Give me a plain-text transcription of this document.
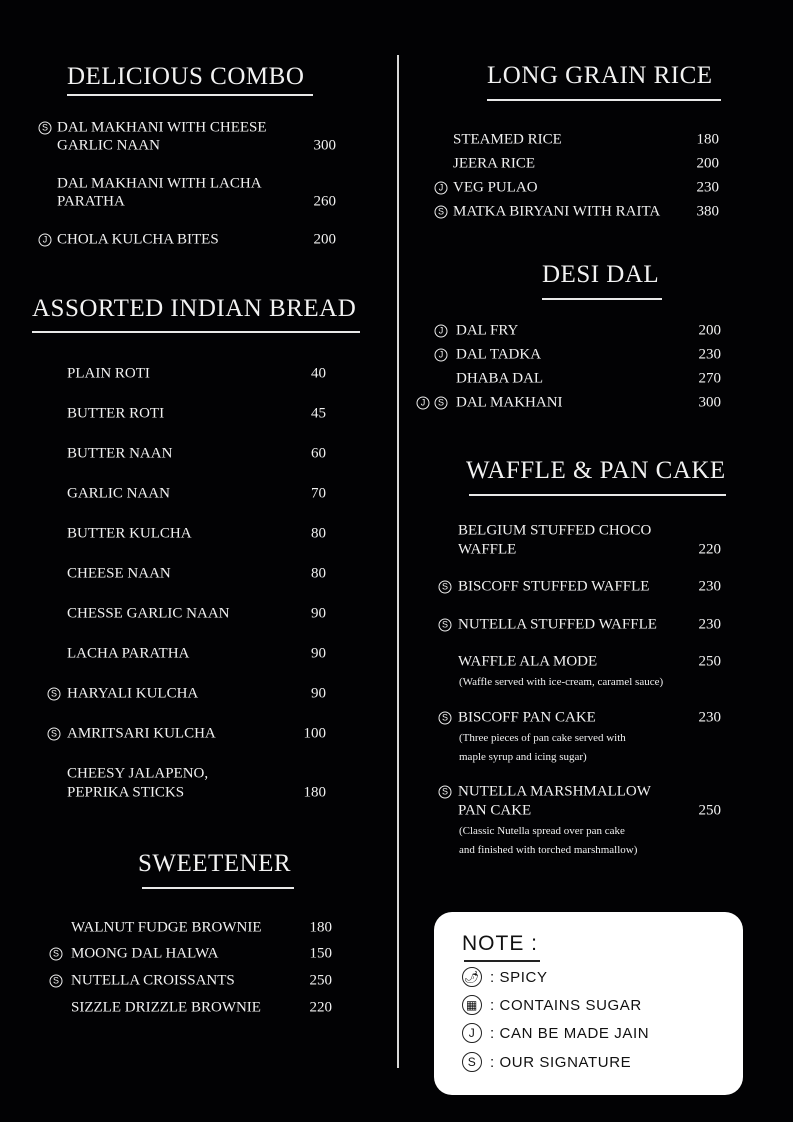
DELICIOUS COMBO
DAL MAKHANI WITH CHEESE
GARLIC NAAN	300
S
DAL MAKHANI WITH LACHA
PARATHA	260
CHOLA KULCHA BITES	200
J
ASSORTED INDIAN BREAD
PLAIN ROTI	40
BUTTER ROTI	45
BUTTER NAAN	60
GARLIC NAAN	70
BUTTER KULCHA	80
CHEESE NAAN	80
CHESSE GARLIC NAAN	90
LACHA PARATHA	90
HARYALI KULCHA	90
S
AMRITSARI KULCHA	100
S
CHEESY JALAPENO,
PEPRIKA STICKS	180
SWEETENER
WALNUT FUDGE BROWNIE	180
MOONG DAL HALWA	150
S
NUTELLA CROISSANTS	250
S
SIZZLE DRIZZLE BROWNIE	220
LONG GRAIN RICE
STEAMED RICE	180
JEERA RICE	200
VEG PULAO	230
J
MATKA BIRYANI WITH RAITA	380
S
DESI DAL
DAL FRY	200
J
DAL TADKA	230
J
DHABA DAL	270
DAL MAKHANI	300
J	S
WAFFLE & PAN CAKE
BELGIUM STUFFED CHOCO
WAFFLE	220
BISCOFF STUFFED WAFFLE	230
S
NUTELLA STUFFED WAFFLE	230
S
WAFFLE ALA MODE	250
(Waffle served with ice-cream, caramel sauce)
BISCOFF PAN CAKE	230
S
(Three pieces of pan cake served with
maple syrup and icing sugar)
NUTELLA MARSHMALLOW
PAN CAKE	250
S
(Classic Nutella spread over pan cake
and finished with torched marshmallow)
NOTE :
🌶 : SPICY
▦ : CONTAINS SUGAR
J : CAN BE MADE JAIN
S : OUR SIGNATURE
